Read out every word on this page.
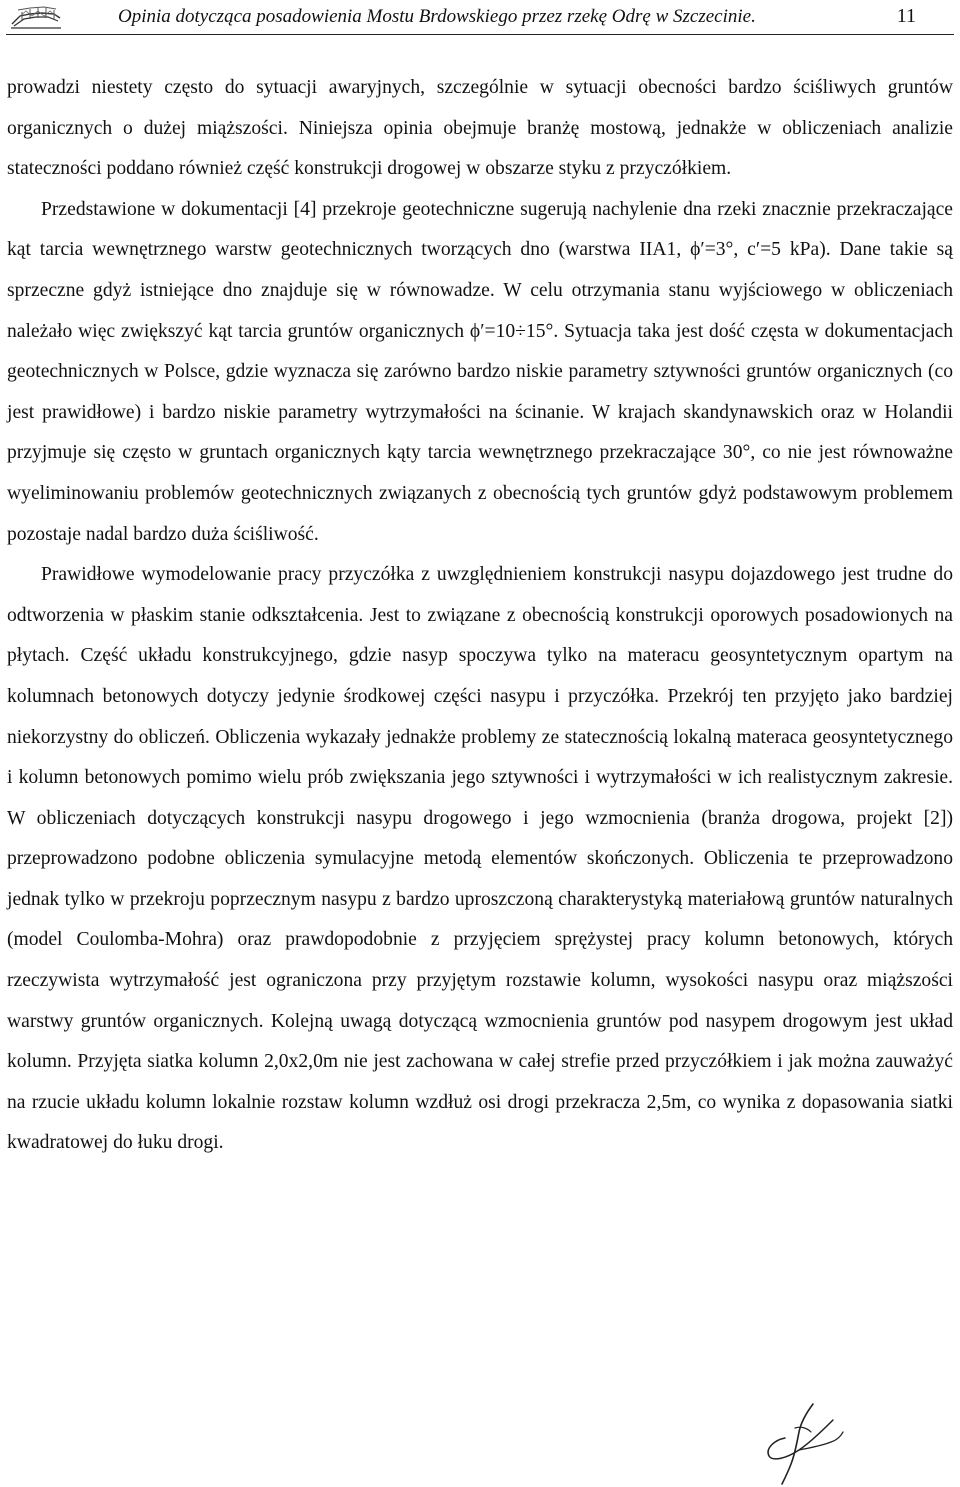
Opinia dotycząca posadowienia Mostu Brdowskiego przez rzekę Odrę w Szczecinie.	11

prowadzi niestety często do sytuacji awaryjnych, szczególnie w sytuacji obecności bardzo ściśliwych gruntów organicznych o dużej miąższości. Niniejsza opinia obejmuje branżę mostową, jednakże w obliczeniach analizie stateczności poddano również część konstrukcji drogowej w obszarze styku z przyczółkiem.

Przedstawione w dokumentacji [4] przekroje geotechniczne sugerują nachylenie dna rzeki znacznie przekraczające kąt tarcia wewnętrznego warstw geotechnicznych tworzących dno (warstwa IIA1, ϕ′=3°, c′=5 kPa). Dane takie są sprzeczne gdyż istniejące dno znajduje się w równowadze. W celu otrzymania stanu wyjściowego w obliczeniach należało więc zwiększyć kąt tarcia gruntów organicznych ϕ′=10÷15°. Sytuacja taka jest dość częsta w dokumentacjach geotechnicznych w Polsce, gdzie wyznacza się zarówno bardzo niskie parametry sztywności gruntów organicznych (co jest prawidłowe) i bardzo niskie parametry wytrzymałości na ścinanie. W krajach skandynawskich oraz w Holandii przyjmuje się często w gruntach organicznych kąty tarcia wewnętrznego przekraczające 30°, co nie jest równoważne wyeliminowaniu problemów geotechnicznych związanych z obecnością tych gruntów gdyż podstawowym problemem pozostaje nadal bardzo duża ściśliwość.

Prawidłowe wymodelowanie pracy przyczółka z uwzględnieniem konstrukcji nasypu dojazdowego jest trudne do odtworzenia w płaskim stanie odkształcenia. Jest to związane z obecnością konstrukcji oporowych posadowionych na płytach. Część układu konstrukcyjnego, gdzie nasyp spoczywa tylko na materacu geosyntetycznym opartym na kolumnach betonowych dotyczy jedynie środkowej części nasypu i przyczółka. Przekrój ten przyjęto jako bardziej niekorzystny do obliczeń. Obliczenia wykazały jednakże problemy ze statecznością lokalną materaca geosyntetycznego i kolumn betonowych pomimo wielu prób zwiększania jego sztywności i wytrzymałości w ich realistycznym zakresie. W obliczeniach dotyczących konstrukcji nasypu drogowego i jego wzmocnienia (branża drogowa, projekt [2]) przeprowadzono podobne obliczenia symulacyjne metodą elementów skończonych. Obliczenia te przeprowadzono jednak tylko w przekroju poprzecznym nasypu z bardzo uproszczoną charakterystyką materiałową gruntów naturalnych (model Coulomba-Mohra) oraz prawdopodobnie z przyjęciem sprężystej pracy kolumn betonowych, których rzeczywista wytrzymałość jest ograniczona przy przyjętym rozstawie kolumn, wysokości nasypu oraz miąższości warstwy gruntów organicznych. Kolejną uwagą dotyczącą wzmocnienia gruntów pod nasypem drogowym jest układ kolumn. Przyjęta siatka kolumn 2,0x2,0m nie jest zachowana w całej strefie przed przyczółkiem i jak można zauważyć na rzucie układu kolumn lokalnie rozstaw kolumn wzdłuż osi drogi przekracza 2,5m, co wynika z dopasowania siatki kwadratowej do łuku drogi.
